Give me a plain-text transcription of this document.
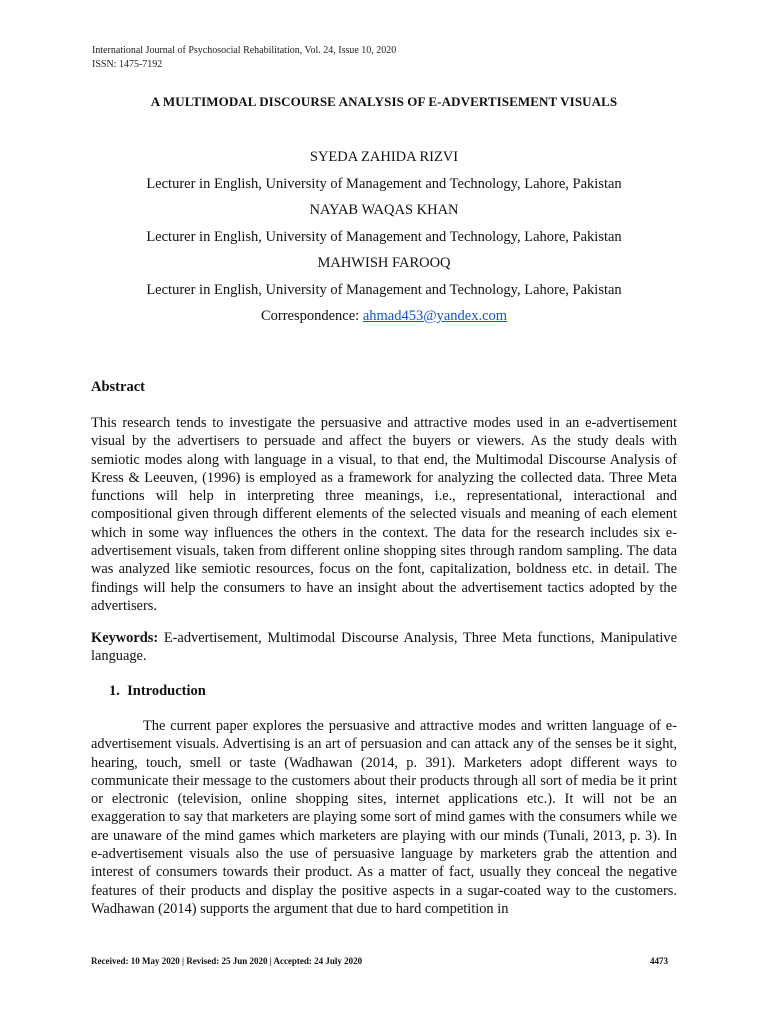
International Journal of Psychosocial Rehabilitation, Vol. 24, Issue 10, 2020
ISSN: 1475-7192
A MULTIMODAL DISCOURSE ANALYSIS OF E-ADVERTISEMENT VISUALS
SYEDA ZAHIDA RIZVI
Lecturer in English, University of Management and Technology, Lahore, Pakistan
NAYAB WAQAS KHAN
Lecturer in English, University of Management and Technology, Lahore, Pakistan
MAHWISH FAROOQ
Lecturer in English, University of Management and Technology, Lahore, Pakistan
Correspondence: ahmad453@yandex.com
Abstract

This research tends to investigate the persuasive and attractive modes used in an e-advertisement visual by the advertisers to persuade and affect the buyers or viewers. As the study deals with semiotic modes along with language in a visual, to that end, the Multimodal Discourse Analysis of Kress & Leeuven, (1996) is employed as a framework for analyzing the collected data. Three Meta functions will help in interpreting three meanings, i.e., representational, interactional and compositional given through different elements of the selected visuals and meaning of each element which in some way influences the others in the context. The data for the research includes six e-advertisement visuals, taken from different online shopping sites through random sampling. The data was analyzed like semiotic resources, focus on the font, capitalization, boldness etc. in detail. The findings will help the consumers to have an insight about the advertisement tactics adopted by the advertisers.

Keywords: E-advertisement, Multimodal Discourse Analysis, Three Meta functions, Manipulative language.

1.  Introduction

The current paper explores the persuasive and attractive modes and written language of e-advertisement visuals. Advertising is an art of persuasion and can attack any of the senses be it sight, hearing, touch, smell or taste (Wadhawan (2014, p. 391). Marketers adopt different ways to communicate their message to the customers about their products through all sort of media be it print or electronic (television, online shopping sites, internet applications etc.). It will not be an exaggeration to say that marketers are playing some sort of mind games with the consumers while we are unaware of the mind games which marketers are playing with our minds (Tunali, 2013, p. 3). In e-advertisement visuals also the use of persuasive language by marketers grab the attention and interest of consumers towards their product. As a matter of fact, usually they conceal the negative features of their products and display the positive aspects in a sugar-coated way to the customers. Wadhawan (2014) supports the argument that due to hard competition in

Received: 10 May 2020 | Revised: 25 Jun 2020 | Accepted: 24 July 2020	4473
